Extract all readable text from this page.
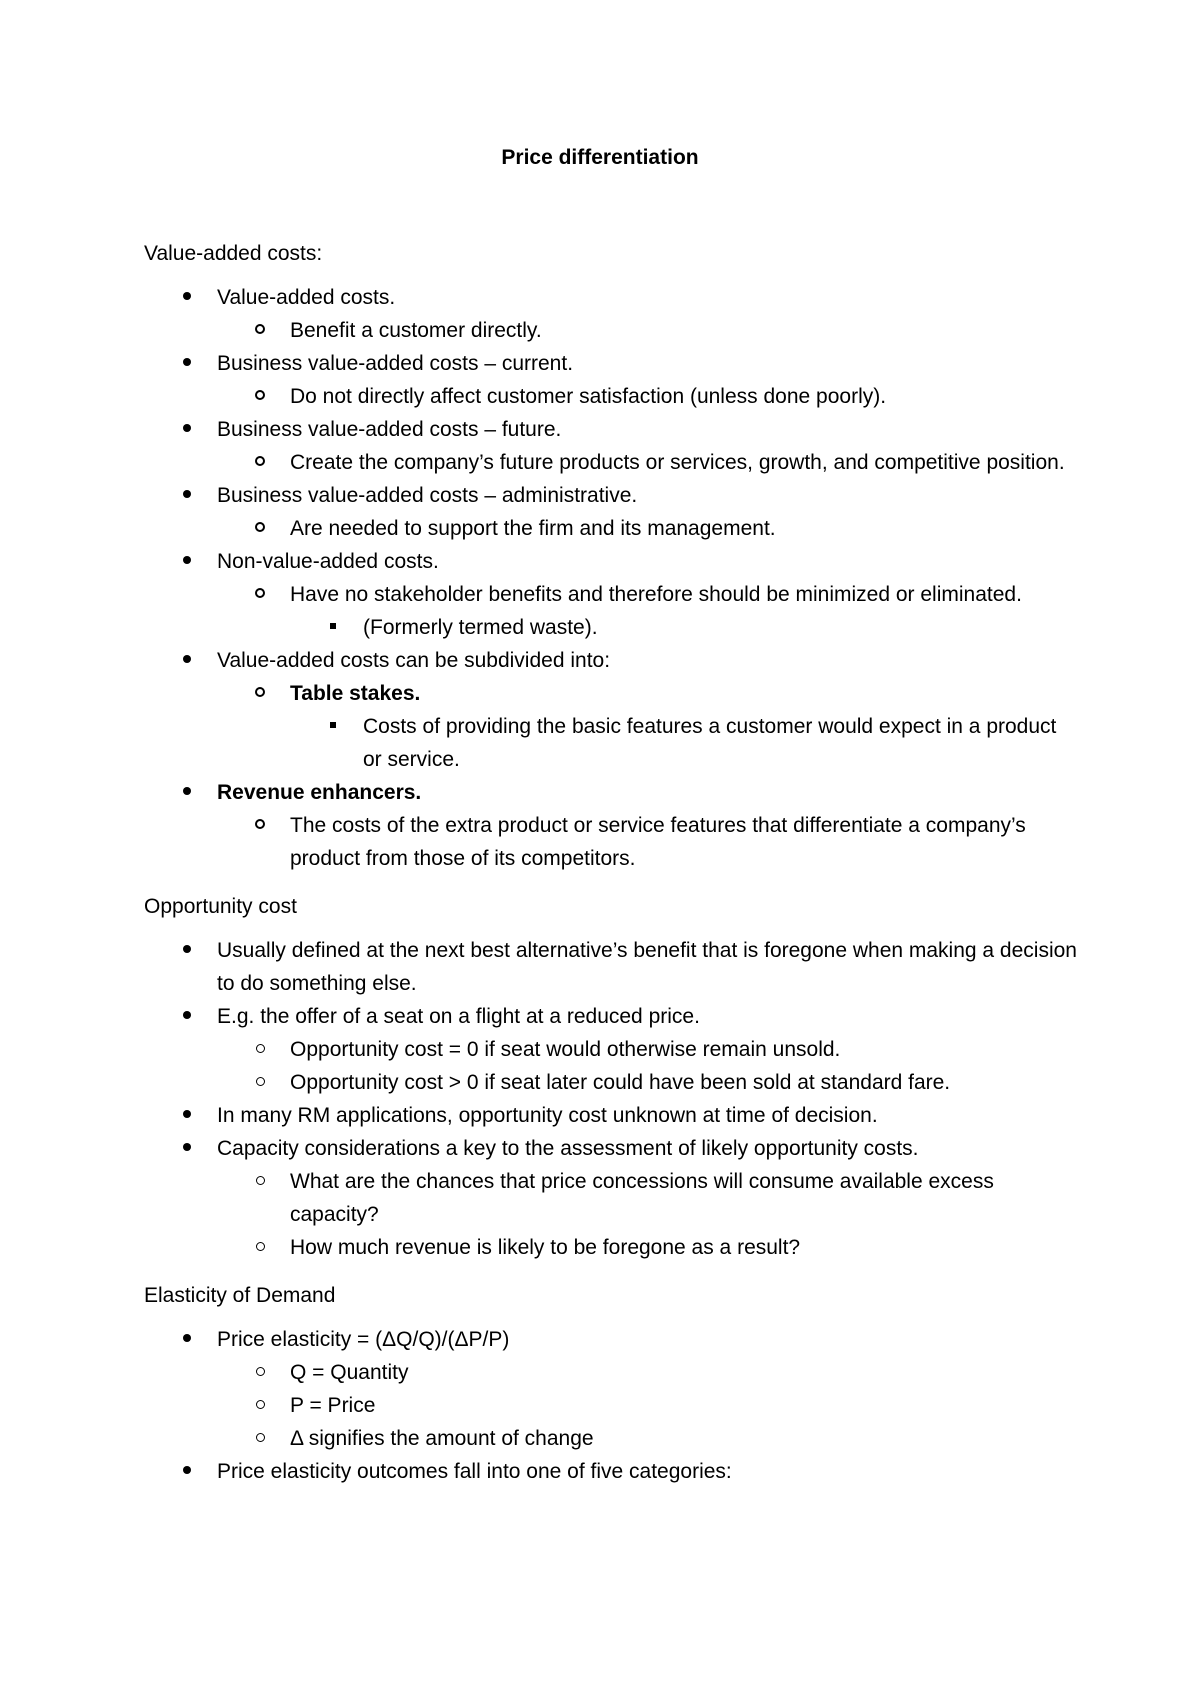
Price differentiation
Value-added costs:
Value-added costs.
Benefit a customer directly.
Business value-added costs – current.
Do not directly affect customer satisfaction (unless done poorly).
Business value-added costs – future.
Create the company’s future products or services, growth, and competitive position.
Business value-added costs – administrative.
Are needed to support the firm and its management.
Non-value-added costs.
Have no stakeholder benefits and therefore should be minimized or eliminated.
(Formerly termed waste).
Value-added costs can be subdivided into:
Table stakes.
Costs of providing the basic features a customer would expect in a product or service.
Revenue enhancers.
The costs of the extra product or service features that differentiate a company’s product from those of its competitors.
Opportunity cost
Usually defined at the next best alternative’s benefit that is foregone when making a decision to do something else.
E.g. the offer of a seat on a flight at a reduced price.
Opportunity cost = 0 if seat would otherwise remain unsold.
Opportunity cost > 0 if seat later could have been sold at standard fare.
In many RM applications, opportunity cost unknown at time of decision.
Capacity considerations a key to the assessment of likely opportunity costs.
What are the chances that price concessions will consume available excess capacity?
How much revenue is likely to be foregone as a result?
Elasticity of Demand
Price elasticity = (ΔQ/Q)/(ΔP/P)
Q = Quantity
P = Price
Δ signifies the amount of change
Price elasticity outcomes fall into one of five categories:
